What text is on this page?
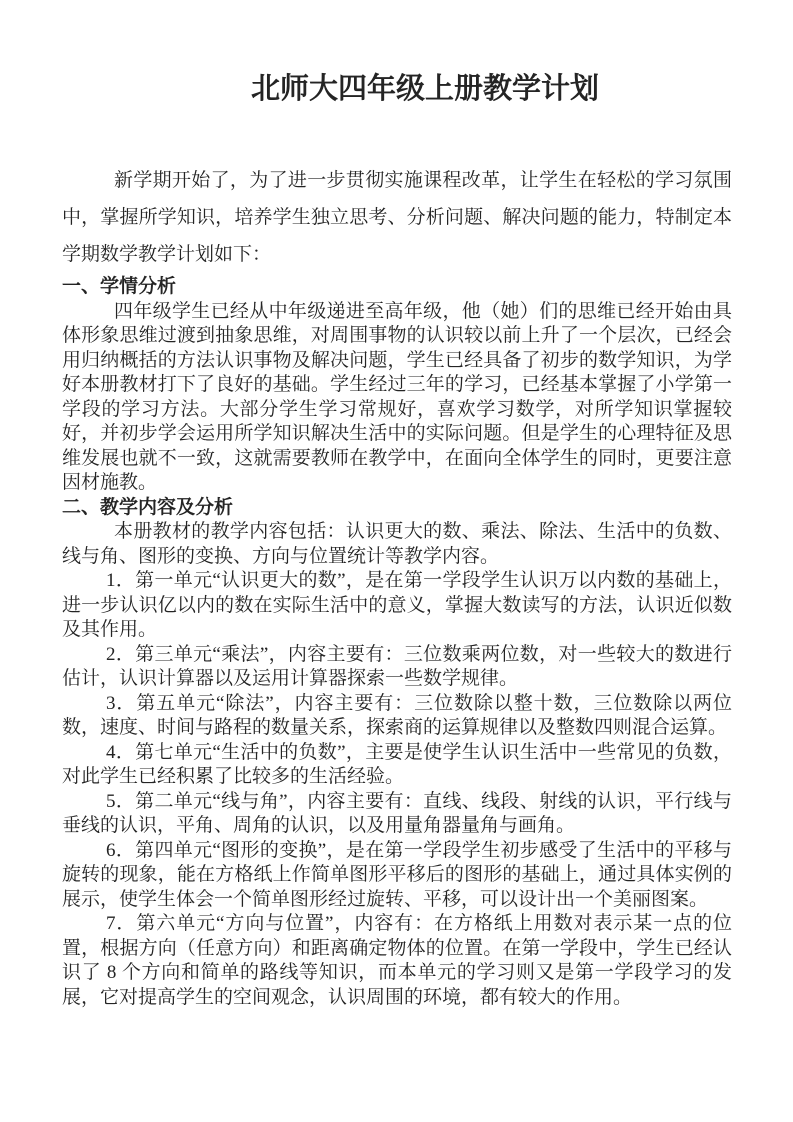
北师大四年级上册教学计划

新学期开始了，为了进一步贯彻实施课程改革，让学生在轻松的学习氛围中，掌握所学知识，培养学生独立思考、分析问题、解决问题的能力，特制定本学期数学教学计划如下：

一、学情分析

四年级学生已经从中年级递进至高年级，他（她）们的思维已经开始由具体形象思维过渡到抽象思维，对周围事物的认识较以前上升了一个层次，已经会用归纳概括的方法认识事物及解决问题，学生已经具备了初步的数学知识，为学好本册教材打下了良好的基础。学生经过三年的学习，已经基本掌握了小学第一学段的学习方法。大部分学生学习常规好，喜欢学习数学，对所学知识掌握较好，并初步学会运用所学知识解决生活中的实际问题。但是学生的心理特征及思维发展也就不一致，这就需要教师在教学中，在面向全体学生的同时，更要注意因材施教。

二、教学内容及分析

本册教材的教学内容包括：认识更大的数、乘法、除法、生活中的负数、线与角、图形的变换、方向与位置统计等教学内容。

1．第一单元“认识更大的数”，是在第一学段学生认识万以内数的基础上，进一步认识亿以内的数在实际生活中的意义，掌握大数读写的方法，认识近似数及其作用。

2．第三单元“乘法”，内容主要有：三位数乘两位数，对一些较大的数进行估计，认识计算器以及运用计算器探索一些数学规律。

3．第五单元“除法”，内容主要有：三位数除以整十数，三位数除以两位数，速度、时间与路程的数量关系，探索商的运算规律以及整数四则混合运算。

4．第七单元“生活中的负数”，主要是使学生认识生活中一些常见的负数，对此学生已经积累了比较多的生活经验。

5．第二单元“线与角”，内容主要有：直线、线段、射线的认识，平行线与垂线的认识，平角、周角的认识，以及用量角器量角与画角。

6．第四单元“图形的变换”，是在第一学段学生初步感受了生活中的平移与旋转的现象，能在方格纸上作简单图形平移后的图形的基础上，通过具体实例的展示，使学生体会一个简单图形经过旋转、平移，可以设计出一个美丽图案。

7．第六单元“方向与位置”，内容有：在方格纸上用数对表示某一点的位置，根据方向（任意方向）和距离确定物体的位置。在第一学段中，学生已经认识了 8 个方向和简单的路线等知识，而本单元的学习则又是第一学段学习的发展，它对提高学生的空间观念，认识周围的环境，都有较大的作用。
